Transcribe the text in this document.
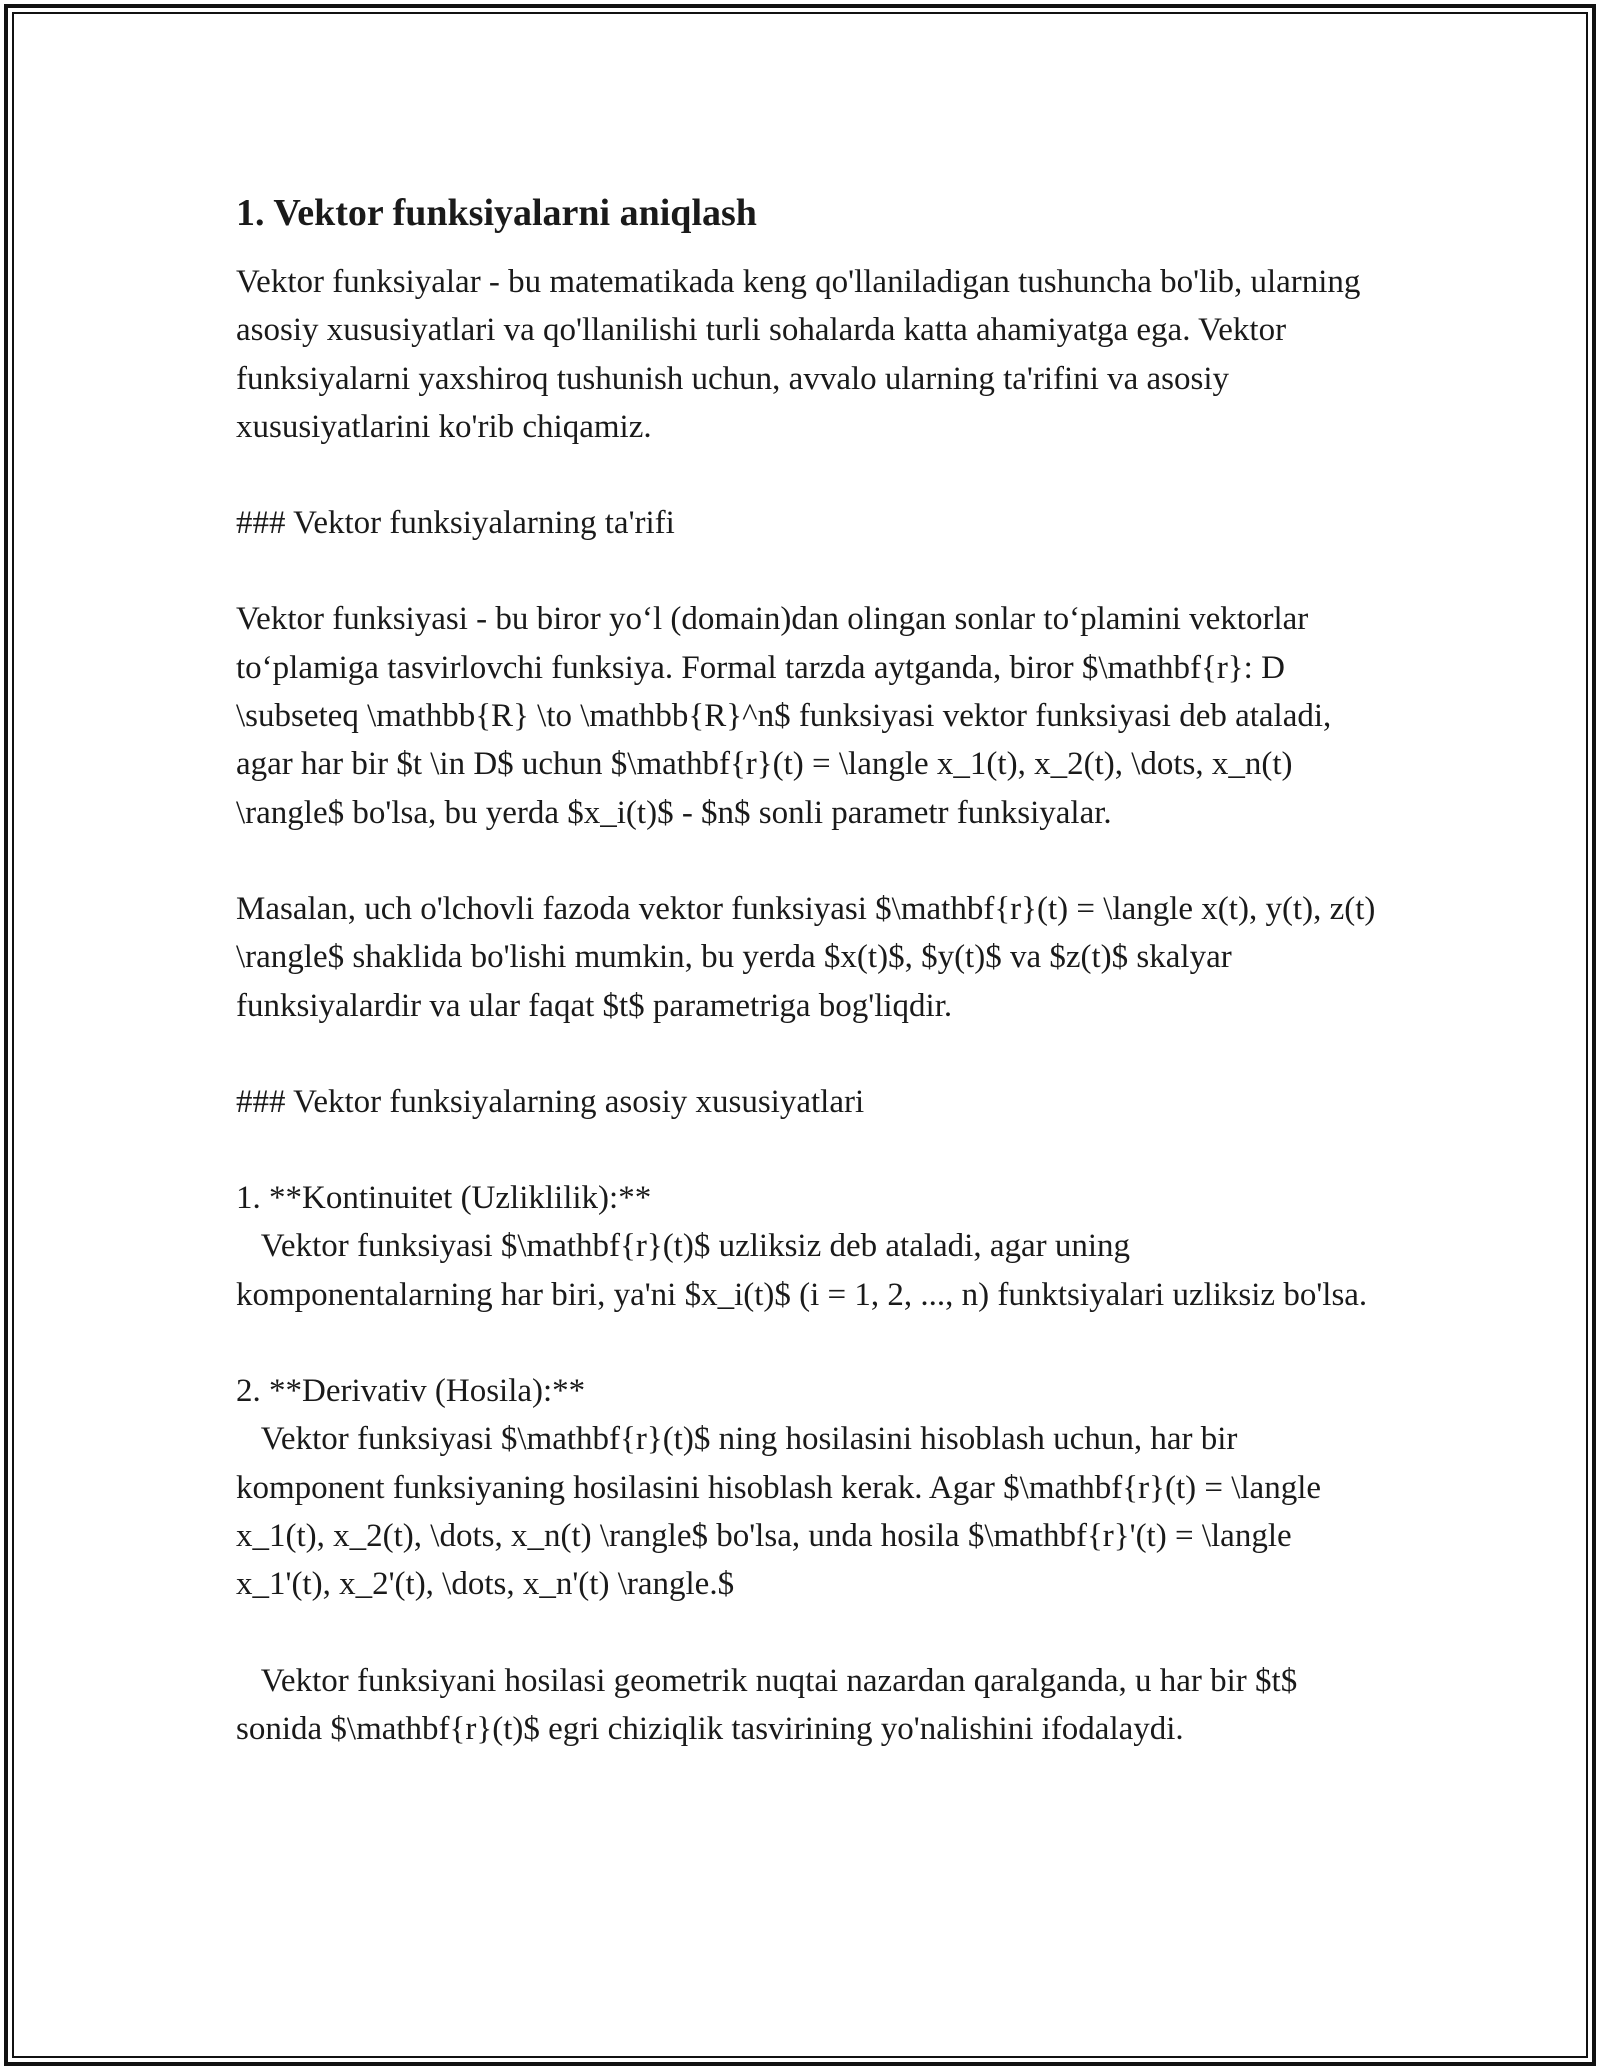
1. Vektor funksiyalarni aniqlash

Vektor funksiyalar - bu matematikada keng qo'llaniladigan tushuncha bo'lib, ularning asosiy xususiyatlari va qo'llanilishi turli sohalarda katta ahamiyatga ega. Vektor funksiyalarni yaxshiroq tushunish uchun, avvalo ularning ta'rifini va asosiy xususiyatlarini ko'rib chiqamiz.

### Vektor funksiyalarning ta'rifi

Vektor funksiyasi - bu biror yo‘l (domain)dan olingan sonlar to‘plamini vektorlar to‘plamiga tasvirlovchi funksiya. Formal tarzda aytganda, biror $\mathbf{r}: D \subseteq \mathbb{R} \to \mathbb{R}^n$ funksiyasi vektor funksiyasi deb ataladi, agar har bir $t \in D$ uchun $\mathbf{r}(t) = \langle x_1(t), x_2(t), \dots, x_n(t) \rangle$ bo'lsa, bu yerda $x_i(t)$ - $n$ sonli parametr funksiyalar.

Masalan, uch o'lchovli fazoda vektor funksiyasi $\mathbf{r}(t) = \langle x(t), y(t), z(t) \rangle$ shaklida bo'lishi mumkin, bu yerda $x(t)$, $y(t)$ va $z(t)$ skalyar funksiyalardir va ular faqat $t$ parametriga bog'liqdir.

### Vektor funksiyalarning asosiy xususiyatlari

1. **Kontinuitet (Uzliklilik):**
Vektor funksiyasi $\mathbf{r}(t)$ uzliksiz deb ataladi, agar uning komponentalarning har biri, ya'ni $x_i(t)$ (i = 1, 2, ..., n) funktsiyalari uzliksiz bo'lsa.

2. **Derivativ (Hosila):**
Vektor funksiyasi $\mathbf{r}(t)$ ning hosilasini hisoblash uchun, har bir komponent funksiyaning hosilasini hisoblash kerak. Agar $\mathbf{r}(t) = \langle x_1(t), x_2(t), \dots, x_n(t) \rangle$ bo'lsa, unda hosila $\mathbf{r}'(t) = \langle x_1'(t), x_2'(t), \dots, x_n'(t) \rangle.$

Vektor funksiyani hosilasi geometrik nuqtai nazardan qaralganda, u har bir $t$ sonida $\mathbf{r}(t)$ egri chiziqlik tasvirining yo'nalishini ifodalaydi.
